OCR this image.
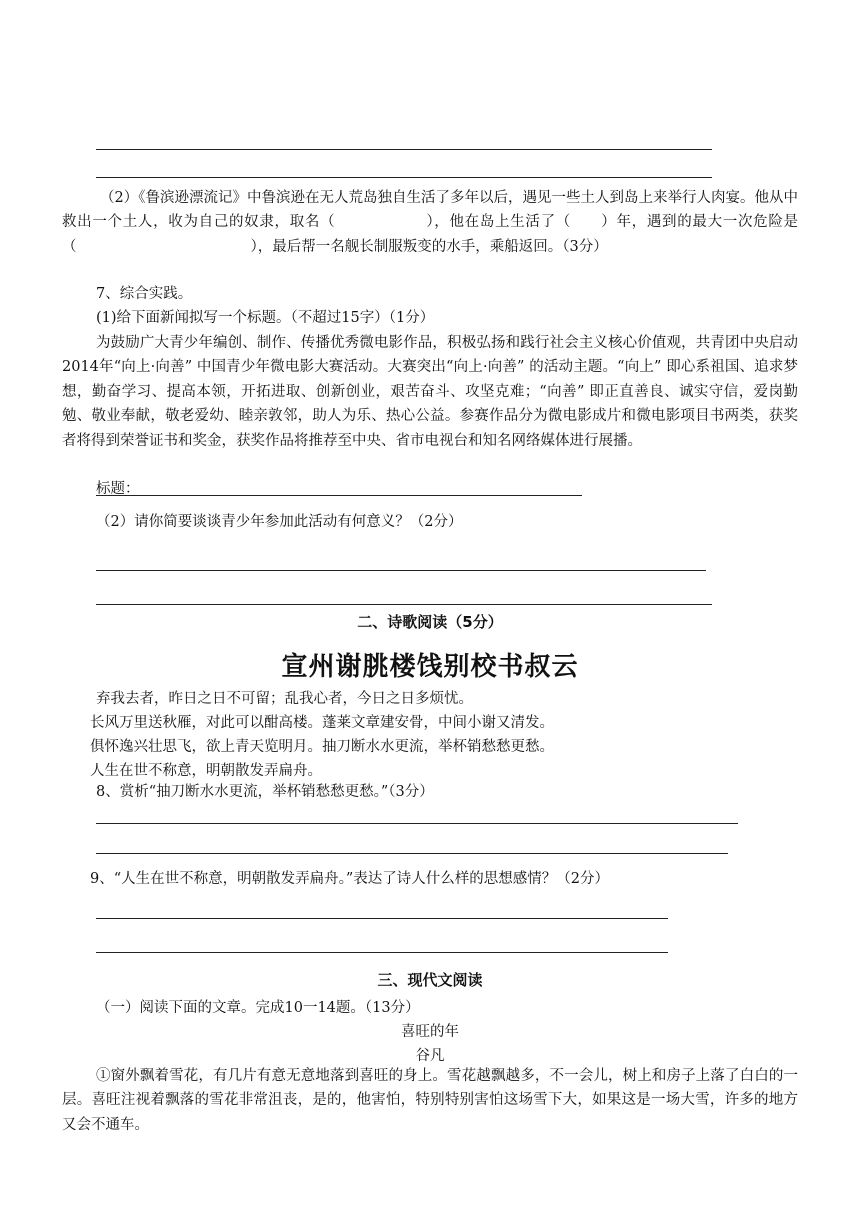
（2）《鲁滨逊漂流记》中鲁滨逊在无人荒岛独自生活了多年以后，遇见一些土人到岛上来举行人肉宴。他从中救出一个土人，收为自己的奴隶，取名（　　　　　　），他在岛上生活了（　　）年，遇到的最大一次危险是（　　　　　　　　　　　　），最后帮一名舰长制服叛变的水手，乘船返回。（3分）
7、综合实践。
(1)给下面新闻拟写一个标题。（不超过15字）（1分）
为鼓励广大青少年编创、制作、传播优秀微电影作品，积极弘扬和践行社会主义核心价值观，共青团中央启动2014年“向上·向善” 中国青少年微电影大赛活动。大赛突出“向上·向善” 的活动主题。“向上” 即心系祖国、追求梦想，勤奋学习、提高本领，开拓进取、创新创业，艰苦奋斗、攻坚克难；“向善” 即正直善良、诚实守信，爱岗勤勉、敬业奉献，敬老爱幼、睦亲敦邻，助人为乐、热心公益。参赛作品分为微电影成片和微电影项目书两类，获奖者将得到荣誉证书和奖金，获奖作品将推荐至中央、省市电视台和知名网络媒体进行展播。
标题：
（2）请你简要谈谈青少年参加此活动有何意义？（2分）
二、诗歌阅读（5分）
宣州谢朓楼饯别校书叔云
弃我去者，昨日之日不可留；乱我心者，今日之日多烦忧。
长风万里送秋雁，对此可以酣高楼。蓬莱文章建安骨，中间小谢又清发。
俱怀逸兴壮思飞，欲上青天览明月。抽刀断水水更流，举杯销愁愁更愁。
人生在世不称意，明朝散发弄扁舟。
8、赏析“抽刀断水水更流，举杯销愁愁更愁。”（3分）
9、“人生在世不称意，明朝散发弄扁舟。”表达了诗人什么样的思想感情？（2分）
三、现代文阅读
（一）阅读下面的文章。完成10一14题。（13分）
喜旺的年
谷凡
①窗外飘着雪花，有几片有意无意地落到喜旺的身上。雪花越飘越多，不一会儿，树上和房子上落了白白的一层。喜旺注视着飘落的雪花非常沮丧，是的，他害怕，特别特别害怕这场雪下大，如果这是一场大雪，许多的地方又会不通车。
